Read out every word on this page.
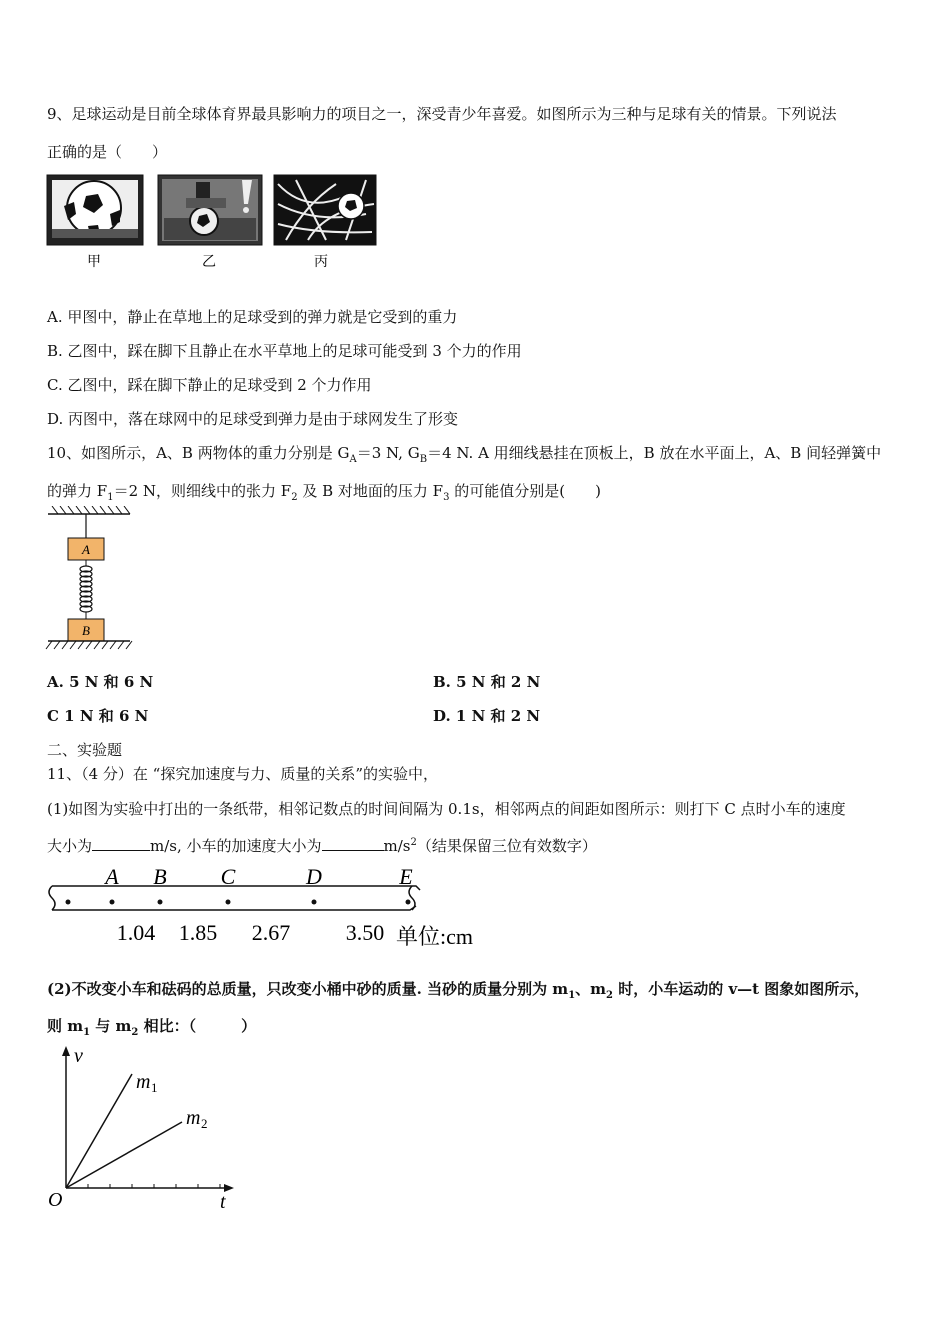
9、足球运动是目前全球体育界最具影响力的项目之一，深受青少年喜爱。如图所示为三种与足球有关的情景。下列说法
正确的是（　　）
甲	乙	丙
A. 甲图中，静止在草地上的足球受到的弹力就是它受到的重力
B. 乙图中，踩在脚下且静止在水平草地上的足球可能受到 3 个力的作用
C. 乙图中，踩在脚下静止的足球受到 2 个力作用
D. 丙图中，落在球网中的足球受到弹力是由于球网发生了形变
10、如图所示，A、B 两物体的重力分别是 $G_A=3$ N, $G_B=4$ N. A 用细线悬挂在顶板上，B 放在水平面上，A、B 间轻弹簧中
的弹力 $F_1=2$ N，则细线中的张力 $F_2$ 及 B 对地面的压力 $F_3$ 的可能值分别是(　　)
A
B
A. 5 N 和 6 N	B. 5 N 和 2 N
C 1 N 和 6 N	D. 1 N 和 2 N
二、实验题
11、（4 分）在 “探究加速度与力、质量的关系”的实验中，
(1)如图为实验中打出的一条纸带，相邻记数点的时间间隔为 0.1s，相邻两点的间距如图所示：则打下 C 点时小车的速度
大小为	m/s, 小车的加速度大小为	$m/s^2$（结果保留三位有效数字）
A B C	D	E
1.04 1.85 2.67	3.50 单位:cm
(2)不改变小车和砝码的总质量，只改变小桶中砂的质量. 当砂的质量分别为 $m_1$、$m_2$ 时，小车运动的 v—t 图象如图所示，
则 $m_1$ 与 $m_2$ 相比：（　　　）
v
t
O
m 1
m 2
